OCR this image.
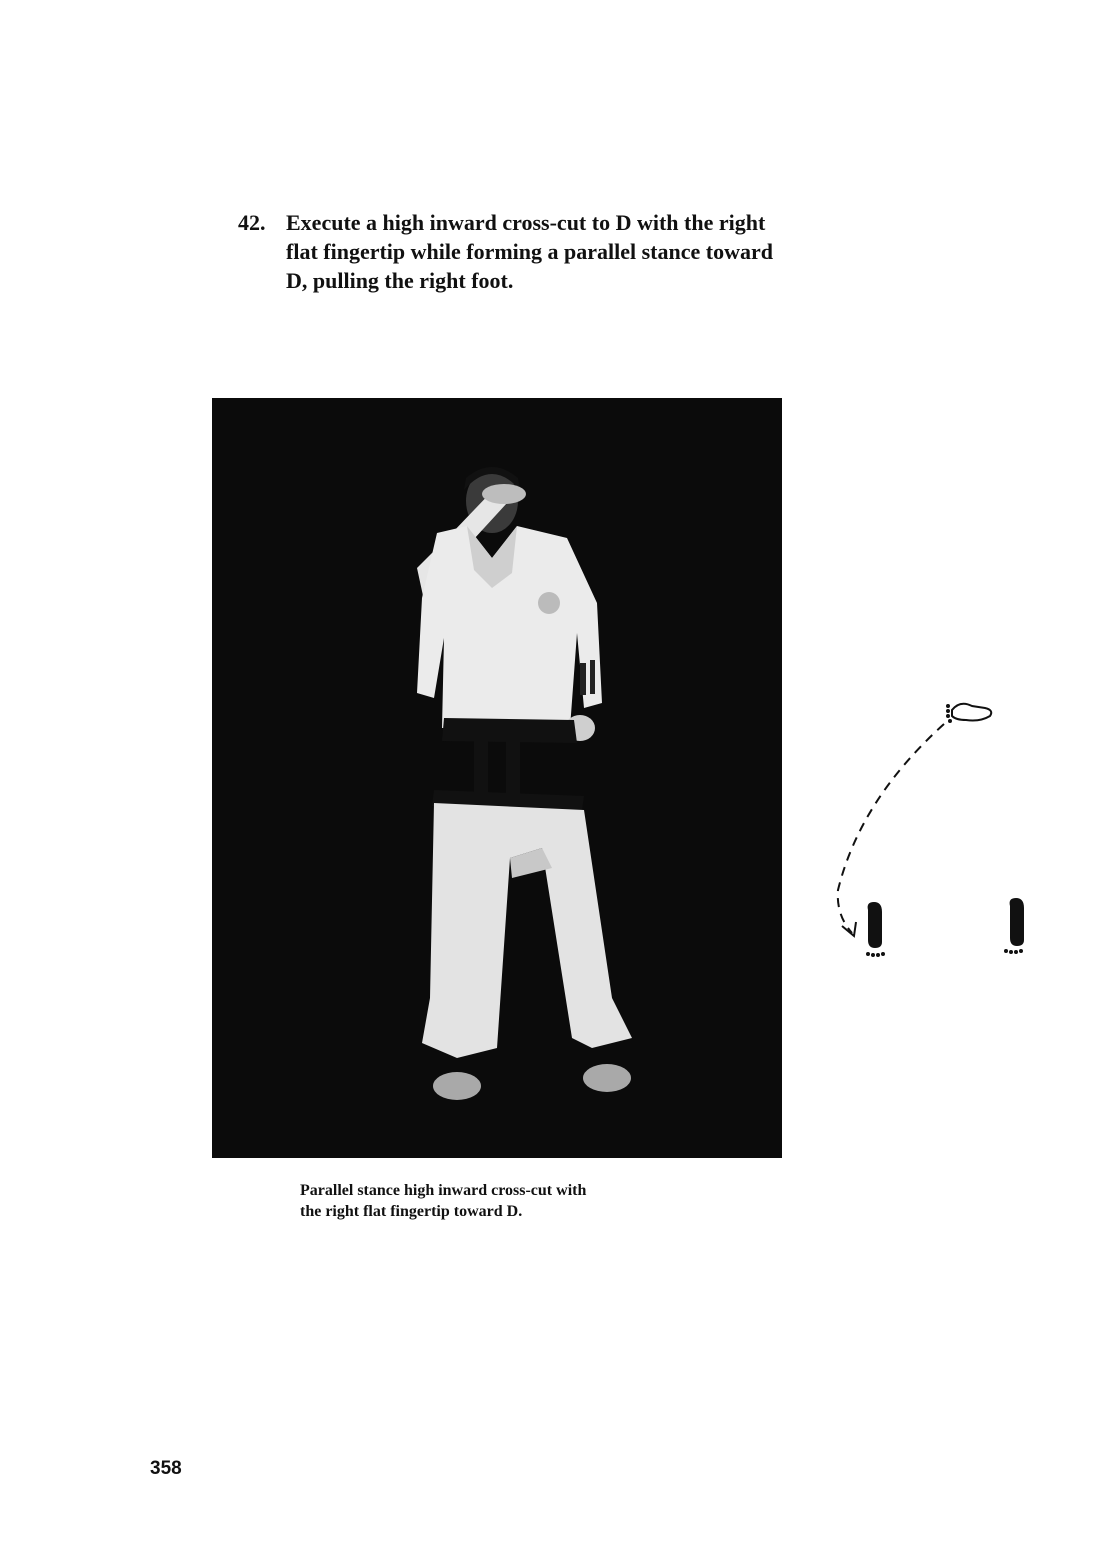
42. Execute a high inward cross-cut to D with the right
flat fingertip while forming a parallel stance toward
D, pulling the right foot.
Parallel stance high inward cross-cut with
the right flat fingertip toward D.
358
